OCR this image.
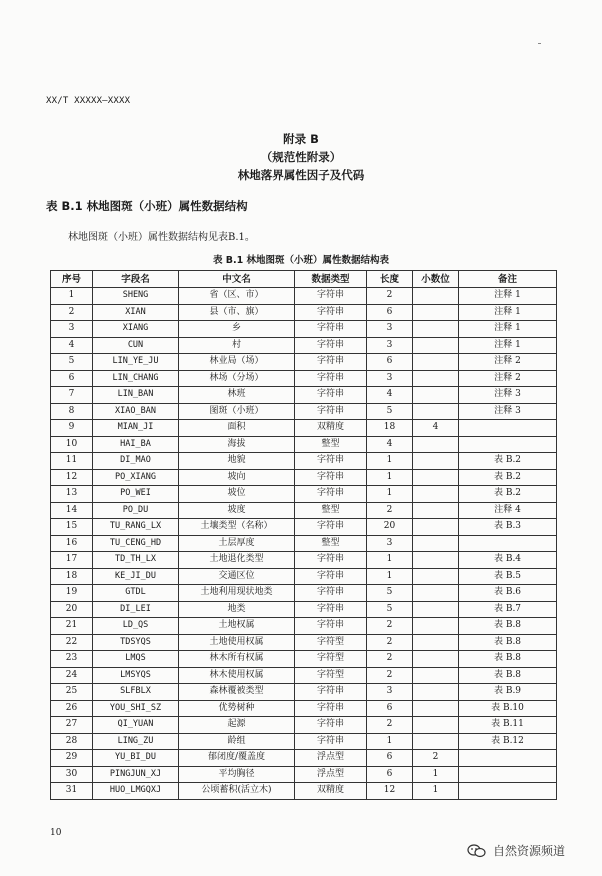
XX/T XXXXX—XXXX
附录 B
（规范性附录）
林地落界属性因子及代码
表 B.1 林地图斑（小班）属性数据结构
林地图斑（小班）属性数据结构见表B.1。
表 B.1 林地图斑（小班）属性数据结构表
序号	字段名	中文名	数据类型	长度	小数位	备注
1	SHENG	省（区、市）	字符串	2		注释 1
2	XIAN	县（市、旗）	字符串	6		注释 1
3	XIANG	乡	字符串	3		注释 1
4	CUN	村	字符串	3		注释 1
5	LIN_YE_JU	林业局（场）	字符串	6		注释 2
6	LIN_CHANG	林场（分场）	字符串	3		注释 2
7	LIN_BAN	林班	字符串	4		注释 3
8	XIAO_BAN	图斑（小班）	字符串	5		注释 3
9	MIAN_JI	面积	双精度	18	4	
10	HAI_BA	海拔	整型	4		
11	DI_MAO	地貌	字符串	1		表 B.2
12	PO_XIANG	坡向	字符串	1		表 B.2
13	PO_WEI	坡位	字符串	1		表 B.2
14	PO_DU	坡度	整型	2		注释 4
15	TU_RANG_LX	土壤类型（名称）	字符串	20		表 B.3
16	TU_CENG_HD	土层厚度	整型	3		
17	TD_TH_LX	土地退化类型	字符串	1		表 B.4
18	KE_JI_DU	交通区位	字符串	1		表 B.5
19	GTDL	土地利用现状地类	字符串	5		表 B.6
20	DI_LEI	地类	字符串	5		表 B.7
21	LD_QS	土地权属	字符串	2		表 B.8
22	TDSYQS	土地使用权属	字符型	2		表 B.8
23	LMQS	林木所有权属	字符型	2		表 B.8
24	LMSYQS	林木使用权属	字符型	2		表 B.8
25	SLFBLX	森林覆被类型	字符串	3		表 B.9
26	YOU_SHI_SZ	优势树种	字符串	6		表 B.10
27	QI_YUAN	起源	字符串	2		表 B.11
28	LING_ZU	龄组	字符串	1		表 B.12
29	YU_BI_DU	郁闭度/覆盖度	浮点型	6	2	
30	PINGJUN_XJ	平均胸径	浮点型	6	1	
31	HUO_LMGQXJ	公顷蓄积(活立木)	双精度	12	1	
10
自然资源频道
